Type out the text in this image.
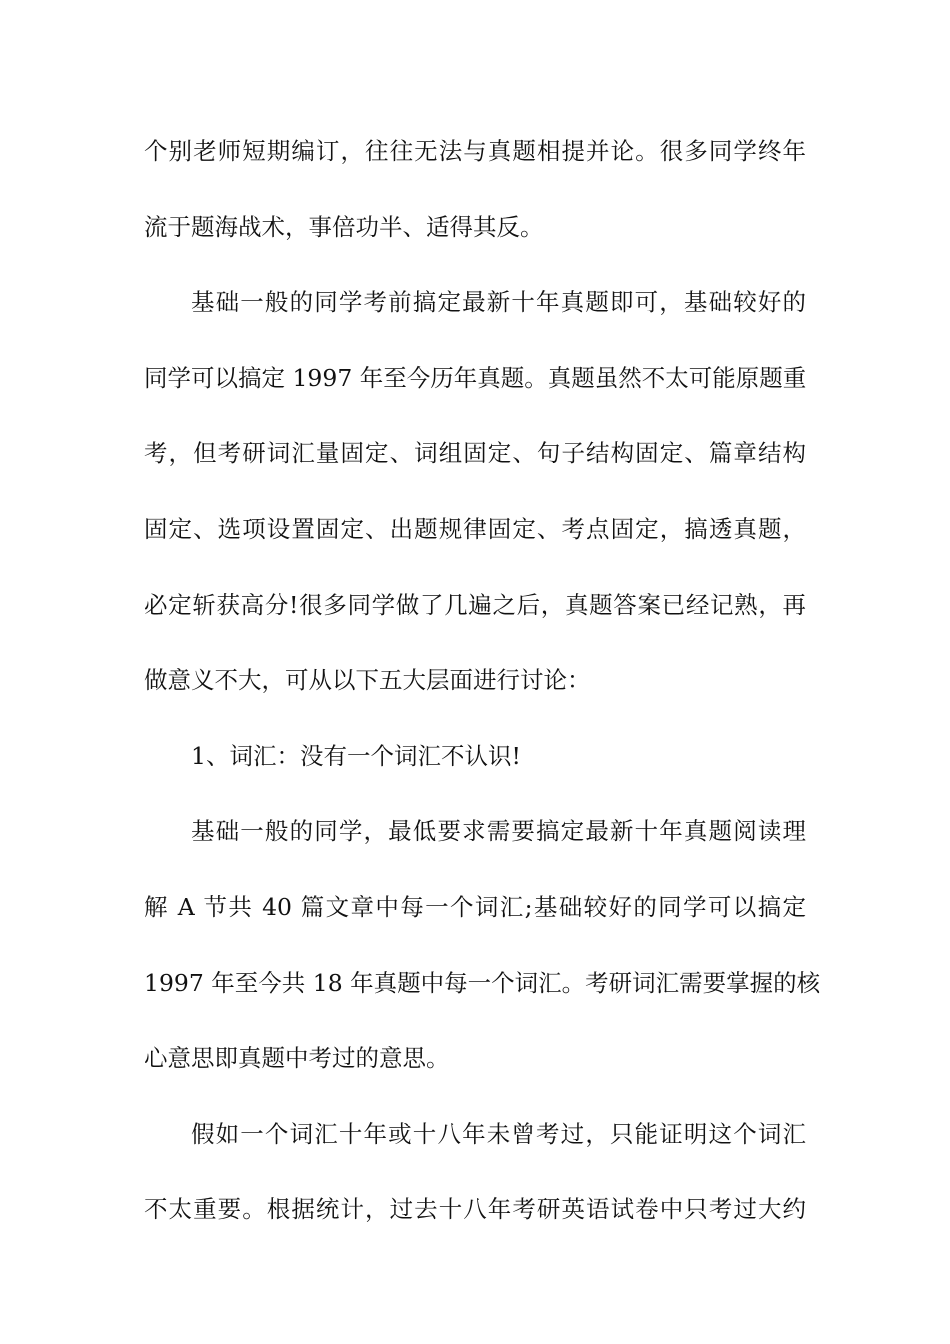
个别老师短期编订，往往无法与真题相提并论。很多同学终年
流于题海战术，事倍功半、适得其反。
基础一般的同学考前搞定最新十年真题即可，基础较好的
同学可以搞定 1997 年至今历年真题。真题虽然不太可能原题重
考，但考研词汇量固定、词组固定、句子结构固定、篇章结构
固定、选项设置固定、出题规律固定、考点固定，搞透真题，
必定斩获高分!很多同学做了几遍之后，真题答案已经记熟，再
做意义不大，可从以下五大层面进行讨论：
1、词汇：没有一个词汇不认识!
基础一般的同学，最低要求需要搞定最新十年真题阅读理
解 A 节共 40 篇文章中每一个词汇;基础较好的同学可以搞定
1997 年至今共 18 年真题中每一个词汇。考研词汇需要掌握的核
心意思即真题中考过的意思。
假如一个词汇十年或十八年未曾考过，只能证明这个词汇
不太重要。根据统计，过去十八年考研英语试卷中只考过大约
